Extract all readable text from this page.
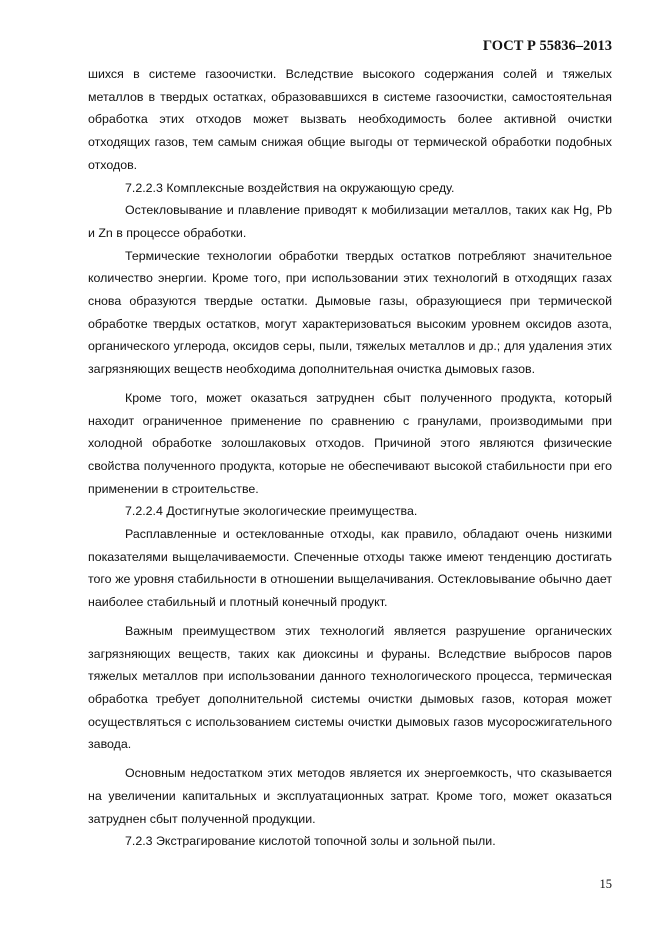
ГОСТ Р 55836–2013

шихся в системе газоочистки. Вследствие высокого содержания солей и тяжелых металлов в твердых остатках, образовавшихся в системе газоочистки, самостоятельная обработка этих отходов может вызвать необходимость более активной очистки отходящих газов, тем самым снижая общие выгоды от термической обработки подобных отходов.

7.2.2.3 Комплексные воздействия на окружающую среду.

Остекловывание и плавление приводят к мобилизации металлов, таких как Hg, Pb и Zn в процессе обработки.

Термические технологии обработки твердых остатков потребляют значительное количество энергии. Кроме того, при использовании этих технологий в отходящих газах снова образуются твердые остатки. Дымовые газы, образующиеся при термической обработке твердых остатков, могут характеризоваться высоким уровнем оксидов азота, органического углерода, оксидов серы, пыли, тяжелых металлов и др.; для удаления этих загрязняющих веществ необходима дополнительная очистка дымовых газов.

Кроме того, может оказаться затруднен сбыт полученного продукта, который находит ограниченное применение по сравнению с гранулами, производимыми при холодной обработке золошлаковых отходов. Причиной этого являются физические свойства полученного продукта, которые не обеспечивают высокой стабильности при его применении в строительстве.

7.2.2.4 Достигнутые экологические преимущества.

Расплавленные и остеклованные отходы, как правило, обладают очень низкими показателями выщелачиваемости. Спеченные отходы также имеют тенденцию достигать того же уровня стабильности в отношении выщелачивания. Остекловывание обычно дает наиболее стабильный и плотный конечный продукт.

Важным преимуществом этих технологий является разрушение органических загрязняющих веществ, таких как диоксины и фураны. Вследствие выбросов паров тяжелых металлов при использовании данного технологического процесса, термическая обработка требует дополнительной системы очистки дымовых газов, которая может осуществляться с использованием системы очистки дымовых газов мусоросжигательного завода.

Основным недостатком этих методов является их энергоемкость, что сказывается на увеличении капитальных и эксплуатационных затрат. Кроме того, может оказаться затруднен сбыт полученной продукции.

7.2.3 Экстрагирование кислотой топочной золы и зольной пыли.

15
